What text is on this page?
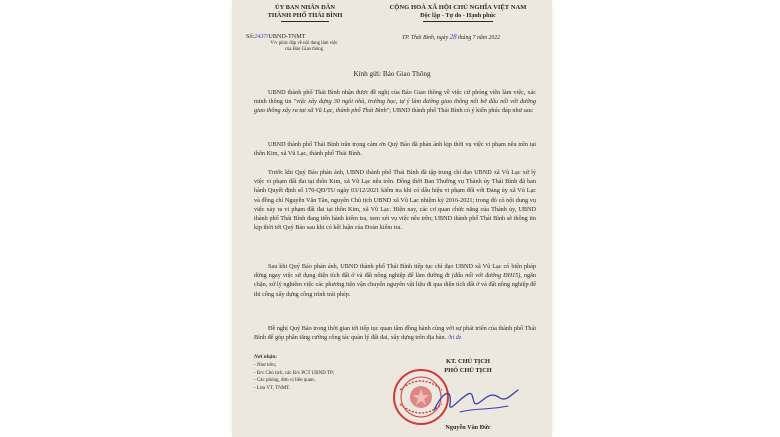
ỦY BAN NHÂN DÂN
THÀNH PHỐ THÁI BÌNH
Số:2437/UBND-TNMT
V/v phúc đáp về nội dung làm việc
của Báo Giao thông
CỘNG HOÀ XÃ HỘI CHỦ NGHĨA VIỆT NAM
Độc lập - Tự do - Hạnh phúc
TP. Thái Bình, ngày 28 tháng 7 năm 2022
Kính gửi: Báo Giao Thông
UBND thành phố Thái Bình nhận được đề nghị của Báo Giao thông về việc cử phóng viên làm việc, xác minh thông tin "việc xây dựng 30 ngôi nhà, trường học, tự ý làm đường giao thông nối bờ đấu nối với đường giao thông xây ra tại xã Vũ Lạc, thành phố Thái Bình"; UBND thành phố Thái Bình có ý kiến phúc đáp như sau:
UBND thành phố Thái Bình trân trọng cảm ơn Quý Báo đã phản ánh kịp thời vụ việc vi phạm nêu trên tại thôn Kim, xã Vũ Lạc, thành phố Thái Bình.
Trước khi Quý Báo phản ánh, UBND thành phố Thái Bình đã tập trung chỉ đạo UBND xã Vũ Lạc xử lý việc vi phạm đất đai tại thôn Kim, xã Vũ Lạc nêu trên. Đồng thời Ban Thường vụ Thành ủy Thái Bình đã ban hành Quyết định số 170-QĐ/TU ngày 03/12/2021 kiểm tra khi có dấu hiệu vi phạm đối với Đảng ủy xã Vũ Lạc và đồng chí Nguyễn Văn Tân, nguyên Chủ tịch UBND xã Vũ Lạc nhiệm kỳ 2016-2021; trong đó có nội dung vụ việc xảy ra vi phạm đất đai tại thôn Kim, xã Vũ Lạc. Hiện nay, các cơ quan chức năng của Thành ủy, UBND thành phố Thái Bình đang tiến hành kiểm tra, xem xét vụ việc nêu trên; UBND thành phố Thái Bình sẽ thông tin kịp thời tới Quý Báo sau khi có kết luận của Đoàn kiểm tra.
Sau khi Quý Báo phản ánh, UBND thành phố Thái Bình tiếp tục chỉ đạo UBND xã Vũ Lạc có biện pháp dừng ngay việc sử dụng diện tích đất ở và đất nông nghiệp để làm đường đi (đấu nối với đường ĐH15), ngăn chặn, xử lý nghiêm việc các phương tiện vận chuyển nguyên vật liệu đi qua diện tích đất ở và đất nông nghiệp để thi công xây dựng công trình trái phép.
Đề nghị Quý Báo trong thời gian tới tiếp tục quan tâm đồng hành cùng với sự phát triển của thành phố Thái Bình để góp phần tăng cường công tác quản lý đất đai, xây dựng trên địa bàn. /hi đz
Nơi nhận:
- Như trên;
- Đ/c Chủ tịch, các Đ/c PCT UBND TP;
- Các phòng, đơn vị liên quan;
- Lưu VT, TNMT.
KT. CHỦ TỊCH
PHÓ CHỦ TỊCH
Nguyễn Văn Đức
